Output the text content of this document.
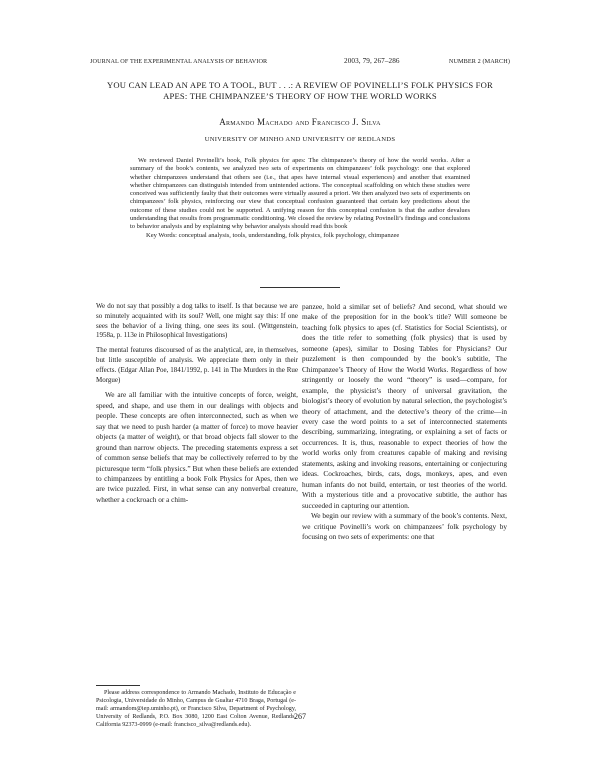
JOURNAL OF THE EXPERIMENTAL ANALYSIS OF BEHAVIOR	2003, 79, 267–286	NUMBER 2 (MARCH)
YOU CAN LEAD AN APE TO A TOOL, BUT . . .: A REVIEW OF POVINELLI’S FOLK PHYSICS FOR APES: THE CHIMPANZEE’S THEORY OF HOW THE WORLD WORKS
Armando Machado and Francisco J. Silva
UNIVERSITY OF MINHO AND UNIVERSITY OF REDLANDS

We reviewed Daniel Povinelli’s book, Folk physics for apes: The chimpanzee’s theory of how the world works. After a summary of the book’s contents, we analyzed two sets of experiments on chimpanzees’ folk psychology: one that explored whether chimpanzees understand that others see (i.e., that apes have internal visual experiences) and another that examined whether chimpanzees can distinguish intended from unintended actions. The conceptual scaffolding on which these studies were conceived was sufficiently faulty that their outcomes were virtually assured a priori. We then analyzed two sets of experiments on chimpanzees’ folk physics, reinforcing our view that conceptual confusion guaranteed that certain key predictions about the outcome of these studies could not be supported. A unifying reason for this conceptual confusion is that the author devalues understanding that results from programmatic conditioning. We closed the review by relating Povinelli’s findings and conclusions to behavior analysis and by explaining why behavior analysis should read this book

Key Words: conceptual analysis, tools, understanding, folk physics, folk psychology, chimpanzee

We do not say that possibly a dog talks to itself. Is that because we are so minutely acquainted with its soul? Well, one might say this: If one sees the behavior of a living thing, one sees its soul. (Wittgenstein, 1958a, p. 113e in Philosophical Investigations)

The mental features discoursed of as the analytical, are, in themselves, but little susceptible of analysis. We appreciate them only in their effects. (Edgar Allan Poe, 1841/1992, p. 141 in The Murders in the Rue Morgue)

We are all familiar with the intuitive concepts of force, weight, speed, and shape, and use them in our dealings with objects and people. These concepts are often interconnected, such as when we say that we need to push harder (a matter of force) to move heavier objects (a matter of weight), or that broad objects fall slower to the ground than narrow objects. The preceding statements express a set of common sense beliefs that may be collectively referred to by the picturesque term “folk physics.” But when these beliefs are extended to chimpanzees by entitling a book Folk Physics for Apes, then we are twice puzzled. First, in what sense can any nonverbal creature, whether a cockroach or a chim-

panzee, hold a similar set of beliefs? And second, what should we make of the preposition for in the book’s title? Will someone be teaching folk physics to apes (cf. Statistics for Social Scientists), or does the title refer to something (folk physics) that is used by someone (apes), similar to Dosing Tables for Physicians? Our puzzlement is then compounded by the book’s subtitle, The Chimpanzee’s Theory of How the World Works. Regardless of how stringently or loosely the word “theory” is used—compare, for example, the physicist’s theory of universal gravitation, the biologist’s theory of evolution by natural selection, the psychologist’s theory of attachment, and the detective’s theory of the crime—in every case the word points to a set of interconnected statements describing, summarizing, integrating, or explaining a set of facts or occurrences. It is, thus, reasonable to expect theories of how the world works only from creatures capable of making and revising statements, asking and invoking reasons, entertaining or conjecturing ideas. Cockroaches, birds, cats, dogs, monkeys, apes, and even human infants do not build, entertain, or test theories of the world. With a mysterious title and a provocative subtitle, the author has succeeded in capturing our attention.

We begin our review with a summary of the book’s contents. Next, we critique Povinelli’s work on chimpanzees’ folk psychology by focusing on two sets of experiments: one that

Please address correspondence to Armando Machado, Instituto de Educação e Psicologia, Universidade do Minho, Campus de Gualtar 4710 Braga, Portugal (e-mail: armandom@iep.uminho.pt), or Francisco Silva, Department of Psychology, University of Redlands, P.O. Box 3080, 1200 East Colton Avenue, Redlands, California 92373-0999 (e-mail: francisco_silva@redlands.edu).

267
